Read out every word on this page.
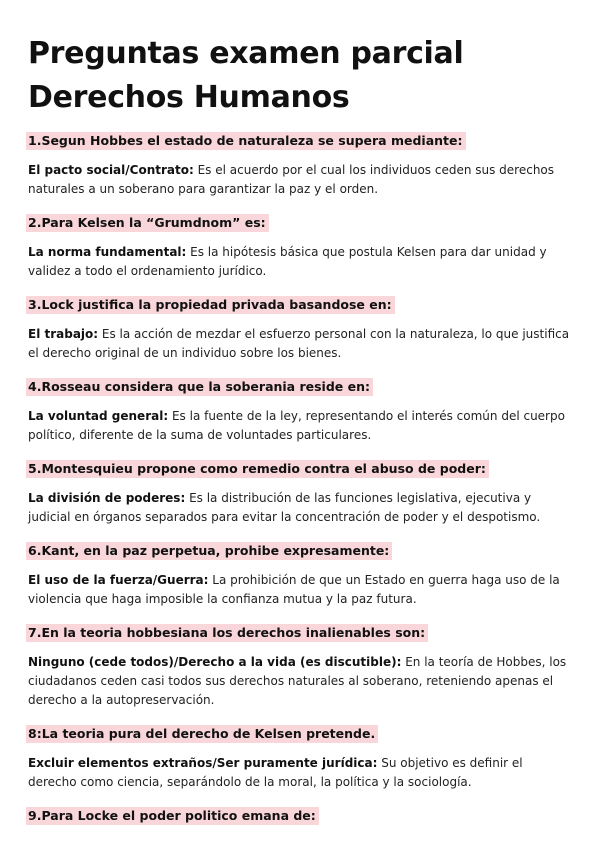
Preguntas examen parcial
Derechos Humanos
1.Segun Hobbes el estado de naturaleza se supera mediante:

El pacto social/Contrato: Es el acuerdo por el cual los individuos ceden sus derechos naturales a un soberano para garantizar la paz y el orden.

2.Para Kelsen la “Grumdnom” es:

La norma fundamental: Es la hipótesis básica que postula Kelsen para dar unidad y validez a todo el ordenamiento jurídico.

3.Lock justifica la propiedad privada basandose en:

El trabajo: Es la acción de mezdar el esfuerzo personal con la naturaleza, lo que justifica el derecho original de un individuo sobre los bienes.

4.Rosseau considera que la soberania reside en:

La voluntad general: Es la fuente de la ley, representando el interés común del cuerpo político, diferente de la suma de voluntades particulares.

5.Montesquieu propone como remedio contra el abuso de poder:

La división de poderes: Es la distribución de las funciones legislativa, ejecutiva y judicial en órganos separados para evitar la concentración de poder y el despotismo.

6.Kant, en la paz perpetua, prohibe expresamente:

El uso de la fuerza/Guerra: La prohibición de que un Estado en guerra haga uso de la violencia que haga imposible la confianza mutua y la paz futura.

7.En la teoria hobbesiana los derechos inalienables son:

Ninguno (cede todos)/Derecho a la vida (es discutible): En la teoría de Hobbes, los ciudadanos ceden casi todos sus derechos naturales al soberano, reteniendo apenas el derecho a la autopreservación.

8:La teoria pura del derecho de Kelsen pretende.

Excluir elementos extraños/Ser puramente jurídica: Su objetivo es definir el derecho como ciencia, separándolo de la moral, la política y la sociología.

9.Para Locke el poder politico emana de:
